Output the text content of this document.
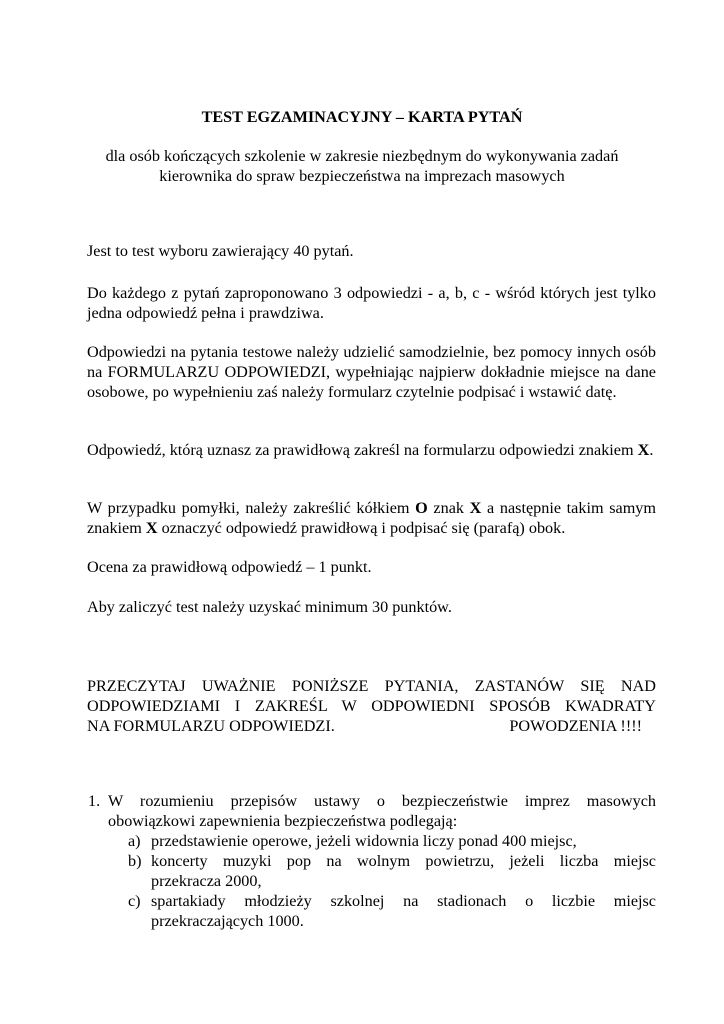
TEST EGZAMINACYJNY – KARTA PYTAŃ
dla osób kończących szkolenie w zakresie niezbędnym do wykonywania zadań
kierownika do spraw bezpieczeństwa na imprezach masowych

Jest to test wyboru zawierający 40 pytań.

Do każdego z pytań zaproponowano 3 odpowiedzi - a, b, c - wśród których jest tylko jedna odpowiedź pełna i prawdziwa.

Odpowiedzi na pytania testowe należy udzielić samodzielnie, bez pomocy innych osób na FORMULARZU ODPOWIEDZI, wypełniając najpierw dokładnie miejsce na dane osobowe, po wypełnieniu zaś należy formularz czytelnie podpisać i wstawić datę.

Odpowiedź, którą uznasz za prawidłową zakreśl na formularzu odpowiedzi znakiem X.

W przypadku pomyłki, należy zakreślić kółkiem O znak X a następnie takim samym znakiem X oznaczyć odpowiedź prawidłową i podpisać się (parafą) obok.

Ocena za prawidłową odpowiedź – 1 punkt.

Aby zaliczyć test należy uzyskać minimum 30 punktów.

PRZECZYTAJ UWAŻNIE PONIŻSZE PYTANIA, ZASTANÓW SIĘ NAD
ODPOWIEDZIAMI I ZAKREŚL W ODPOWIEDNI SPOSÓB KWADRATY
NA FORMULARZU ODPOWIEDZI.	POWODZENIA !!!!
1. W rozumieniu przepisów ustawy o bezpieczeństwie imprez masowych
obowiązkowi zapewnienia bezpieczeństwa podlegają:
a) przedstawienie operowe, jeżeli widownia liczy ponad 400 miejsc,
b) koncerty muzyki pop na wolnym powietrzu, jeżeli liczba miejsc
przekracza 2000,
c) spartakiady młodzieży szkolnej na stadionach o liczbie miejsc
przekraczających 1000.
